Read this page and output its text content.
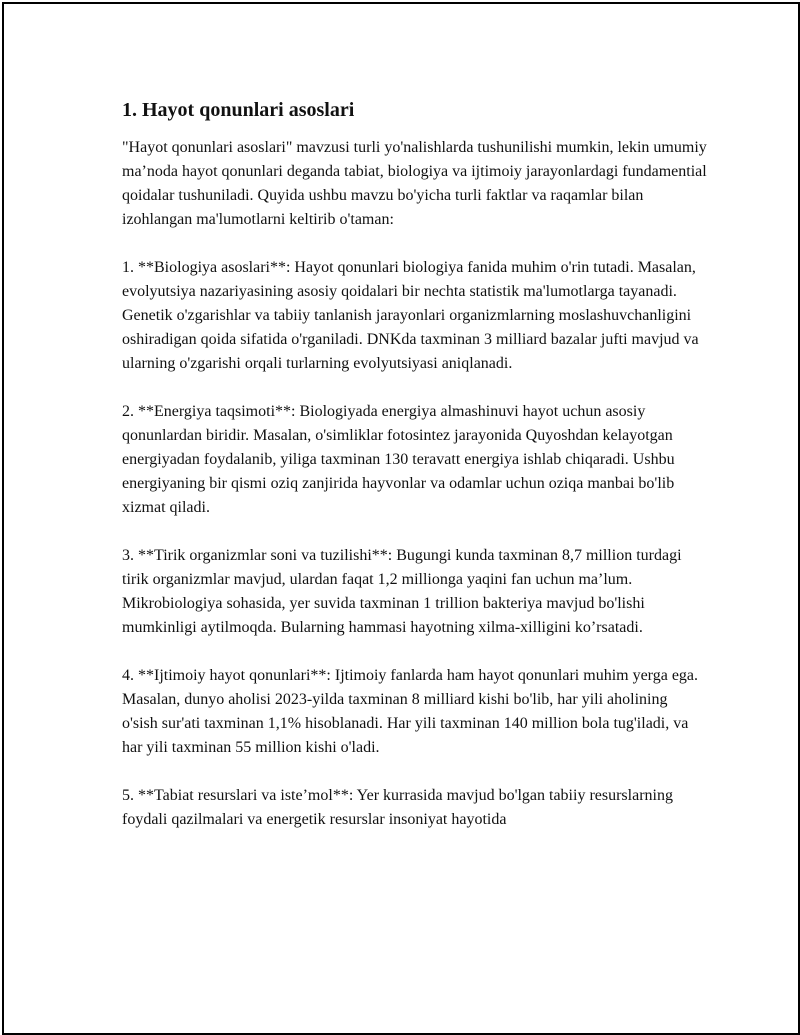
1. Hayot qonunlari asoslari

"Hayot qonunlari asoslari" mavzusi turli yo'nalishlarda tushunilishi mumkin, lekin umumiy ma’noda hayot qonunlari deganda tabiat, biologiya va ijtimoiy jarayonlardagi fundamential qoidalar tushuniladi. Quyida ushbu mavzu bo'yicha turli faktlar va raqamlar bilan izohlangan ma'lumotlarni keltirib o'taman:

1. **Biologiya asoslari**: Hayot qonunlari biologiya fanida muhim o'rin tutadi. Masalan, evolyutsiya nazariyasining asosiy qoidalari bir nechta statistik ma'lumotlarga tayanadi. Genetik o'zgarishlar va tabiiy tanlanish jarayonlari organizmlarning moslashuvchanligini oshiradigan qoida sifatida o'rganiladi. DNKda taxminan 3 milliard bazalar jufti mavjud va ularning o'zgarishi orqali turlarning evolyutsiyasi aniqlanadi.

2. **Energiya taqsimoti**: Biologiyada energiya almashinuvi hayot uchun asosiy qonunlardan biridir. Masalan, o'simliklar fotosintez jarayonida Quyoshdan kelayotgan energiyadan foydalanib, yiliga taxminan 130 teravatt energiya ishlab chiqaradi. Ushbu energiyaning bir qismi oziq zanjirida hayvonlar va odamlar uchun oziqa manbai bo'lib xizmat qiladi.

3. **Tirik organizmlar soni va tuzilishi**: Bugungi kunda taxminan 8,7 million turdagi tirik organizmlar mavjud, ulardan faqat 1,2 millionga yaqini fan uchun ma’lum. Mikrobiologiya sohasida, yer suvida taxminan 1 trillion bakteriya mavjud bo'lishi mumkinligi aytilmoqda. Bularning hammasi hayotning xilma-xilligini ko’rsatadi.

4. **Ijtimoiy hayot qonunlari**: Ijtimoiy fanlarda ham hayot qonunlari muhim yerga ega. Masalan, dunyo aholisi 2023-yilda taxminan 8 milliard kishi bo'lib, har yili aholining o'sish sur'ati taxminan 1,1% hisoblanadi. Har yili taxminan 140 million bola tug'iladi, va har yili taxminan 55 million kishi o'ladi.

5. **Tabiat resurslari va iste’mol**: Yer kurrasida mavjud bo'lgan tabiiy resurslarning foydali qazilmalari va energetik resurslar insoniyat hayotida
